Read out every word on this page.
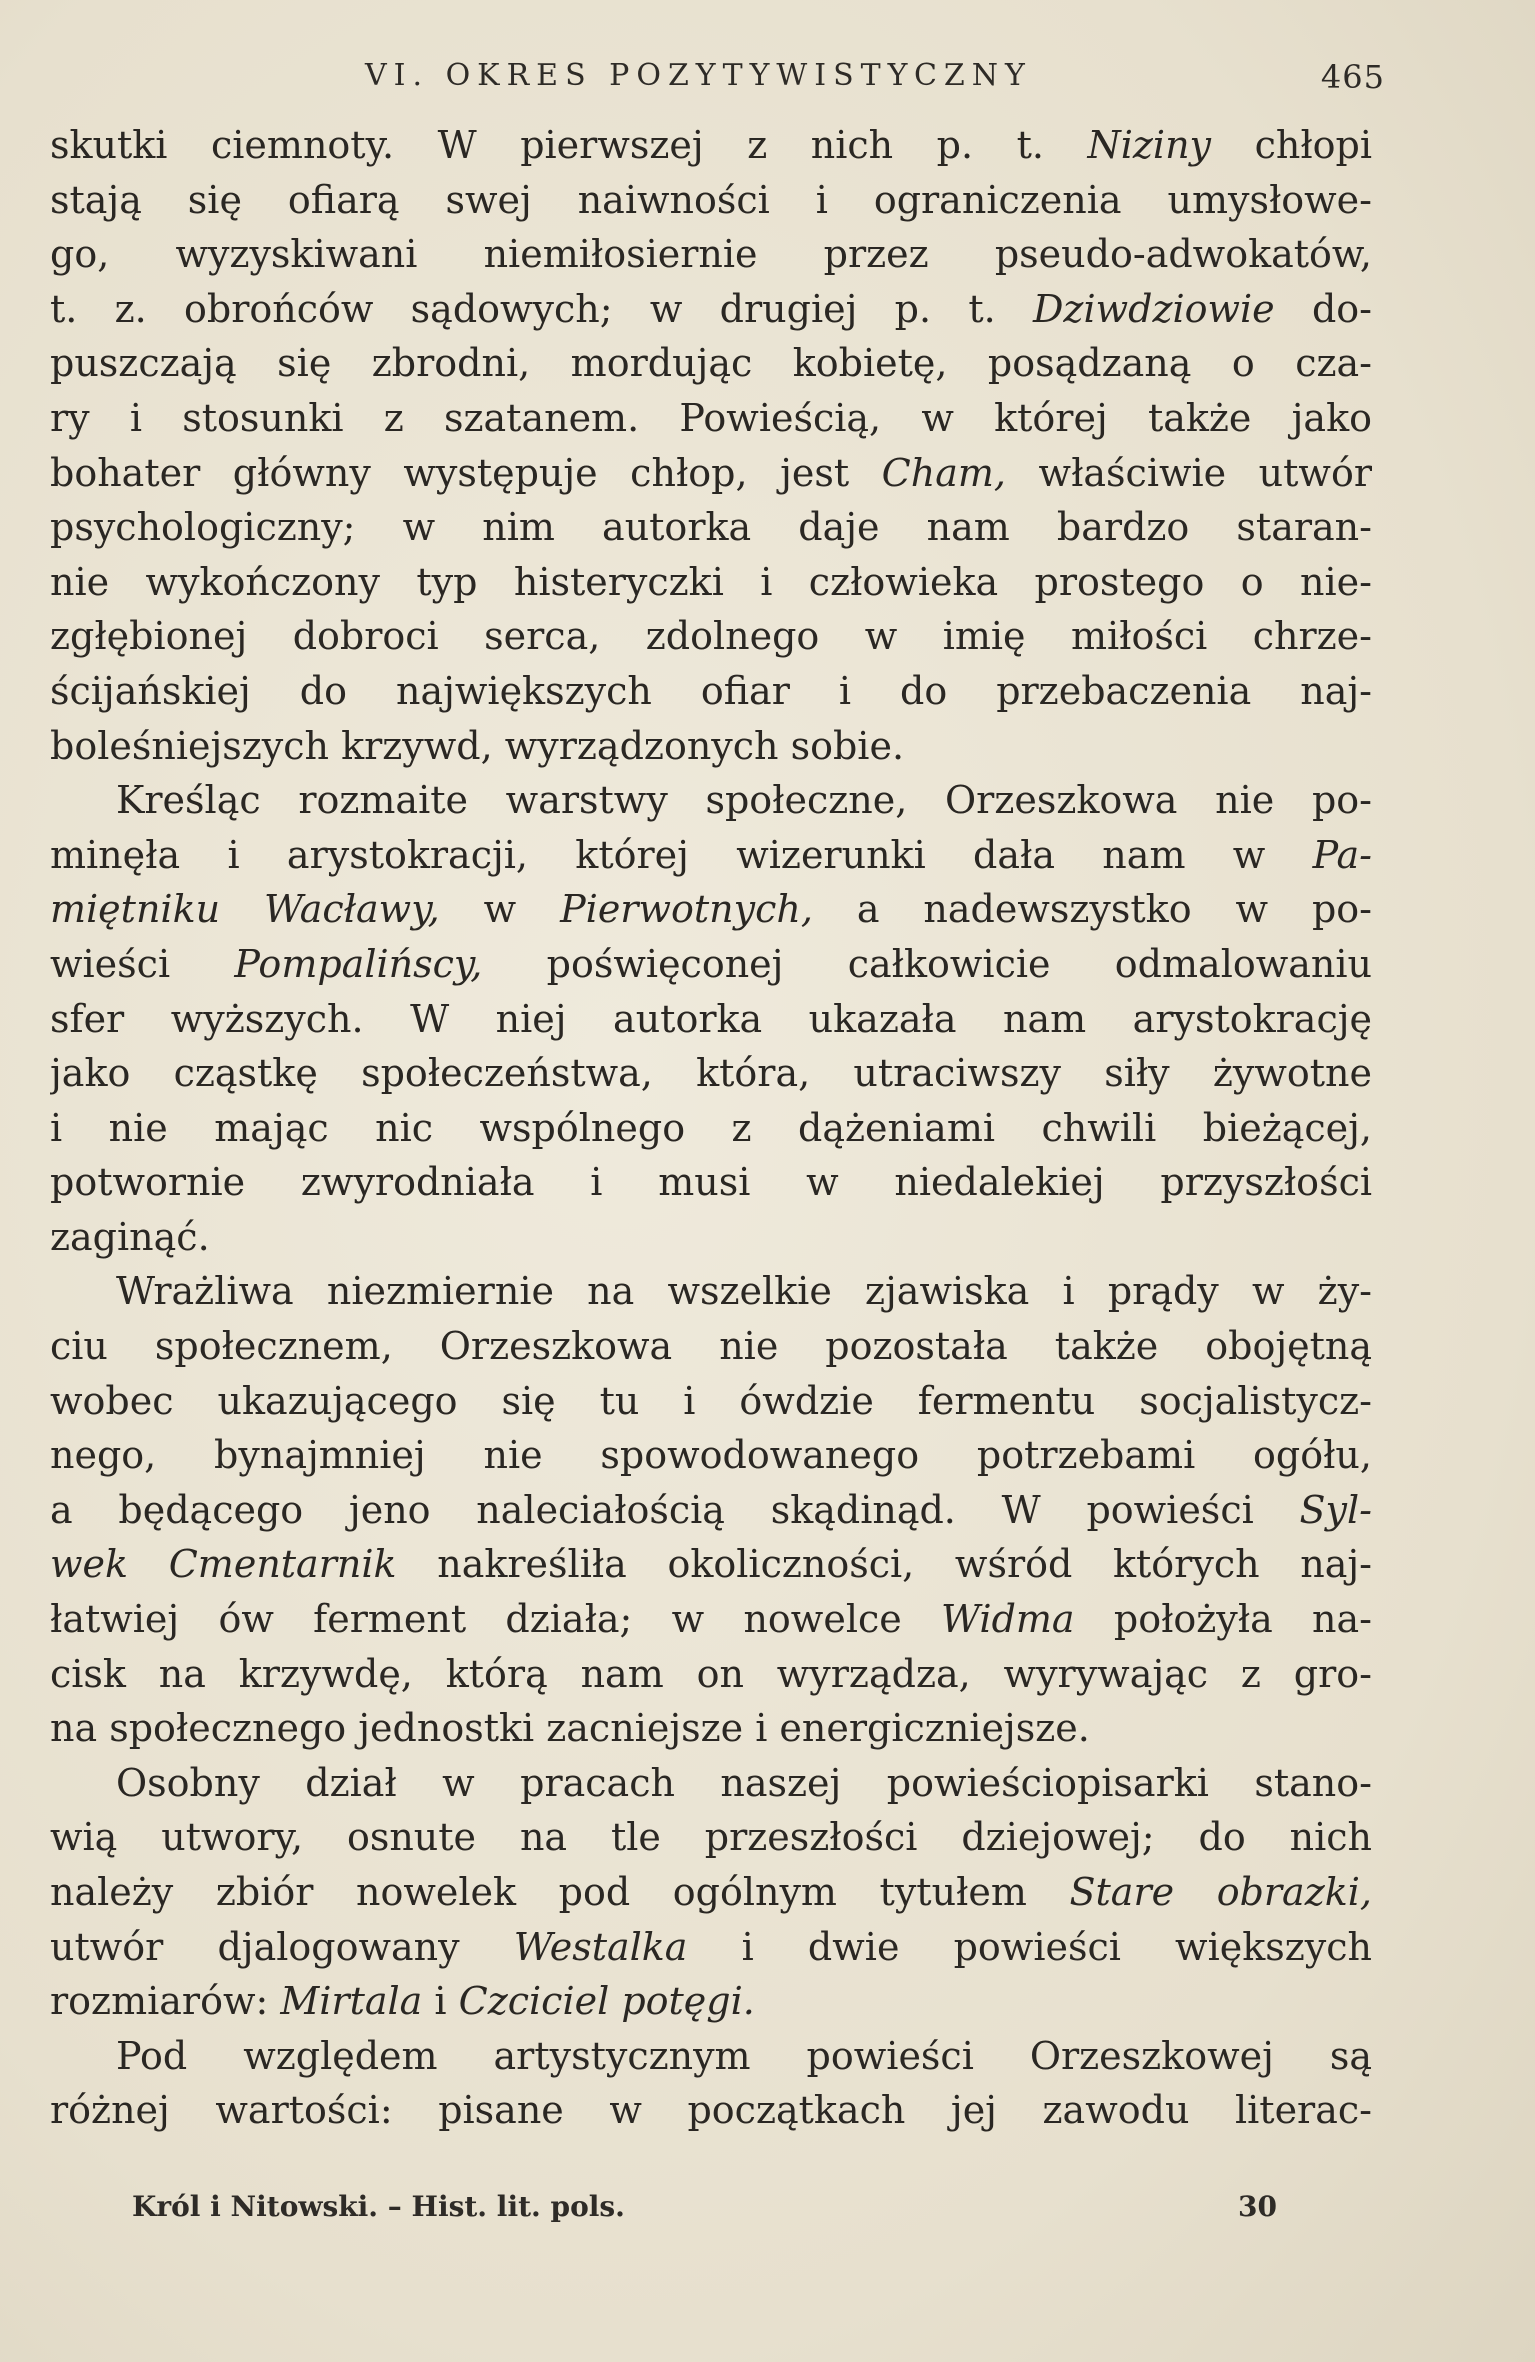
VI. OKRES POZYTYWISTYCZNY	465
skutki ciemnoty. W pierwszej z nich p. t. Niziny chłopi
stają się ofiarą swej naiwności i ograniczenia umysłowe-
go, wyzyskiwani niemiłosiernie przez pseudo-adwokatów,
t. z. obrońców sądowych; w drugiej p. t. Dziwdziowie do-
puszczają się zbrodni, mordując kobietę, posądzaną o cza-
ry i stosunki z szatanem. Powieścią, w której także jako
bohater główny występuje chłop, jest Cham, właściwie utwór
psychologiczny; w nim autorka daje nam bardzo staran-
nie wykończony typ histeryczki i człowieka prostego o nie-
zgłębionej dobroci serca, zdolnego w imię miłości chrze-
ścijańskiej do największych ofiar i do przebaczenia naj-
boleśniejszych krzywd, wyrządzonych sobie.
Kreśląc rozmaite warstwy społeczne, Orzeszkowa nie po-
minęła i arystokracji, której wizerunki dała nam w Pa-
miętniku Wacławy, w Pierwotnych, a nadewszystko w po-
wieści Pompalińscy, poświęconej całkowicie odmalowaniu
sfer wyższych. W niej autorka ukazała nam arystokrację
jako cząstkę społeczeństwa, która, utraciwszy siły żywotne
i nie mając nic wspólnego z dążeniami chwili bieżącej,
potwornie zwyrodniała i musi w niedalekiej przyszłości
zaginąć.
Wrażliwa niezmiernie na wszelkie zjawiska i prądy w ży-
ciu społecznem, Orzeszkowa nie pozostała także obojętną
wobec ukazującego się tu i ówdzie fermentu socjalistycz-
nego, bynajmniej nie spowodowanego potrzebami ogółu,
a będącego jeno naleciałością skądinąd. W powieści Syl-
wek Cmentarnik nakreśliła okoliczności, wśród których naj-
łatwiej ów ferment działa; w nowelce Widma położyła na-
cisk na krzywdę, którą nam on wyrządza, wyrywając z gro-
na społecznego jednostki zacniejsze i energiczniejsze.
Osobny dział w pracach naszej powieściopisarki stano-
wią utwory, osnute na tle przeszłości dziejowej; do nich
należy zbiór nowelek pod ogólnym tytułem Stare obrazki,
utwór djalogowany Westalka i dwie powieści większych
rozmiarów: Mirtala i Czciciel potęgi.
Pod względem artystycznym powieści Orzeszkowej są
różnej wartości: pisane w początkach jej zawodu literac-
Król i Nitowski. – Hist. lit. pols.	30
